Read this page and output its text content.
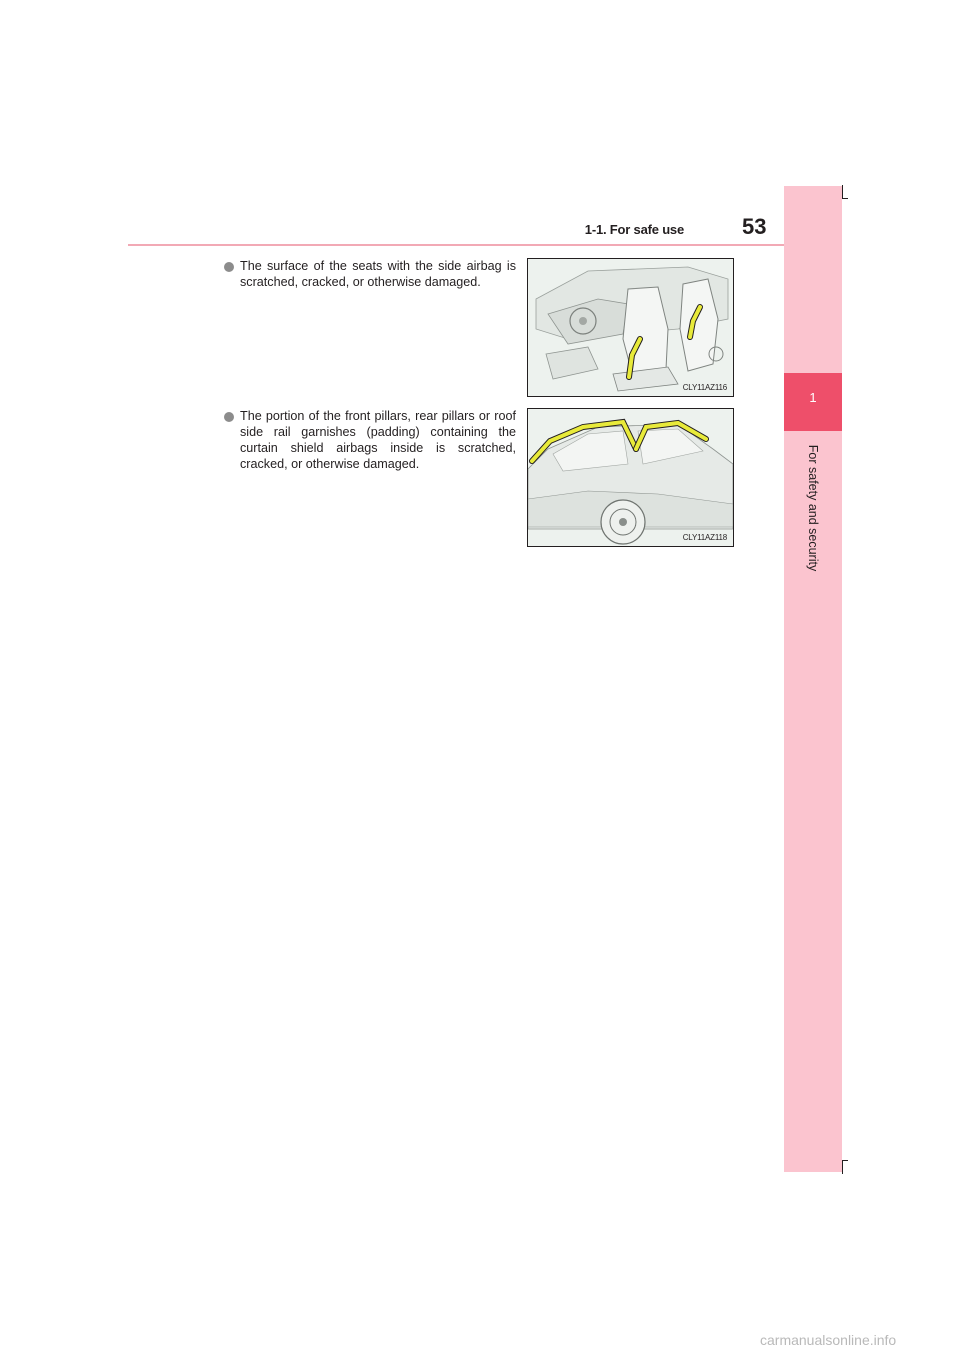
1
For safety and security
1-1. For safe use	53

The surface of the seats with the side airbag is scratched, cracked, or otherwise damaged.

CLY11AZ116

The portion of the front pillars, rear pillars or roof side rail garnishes (padding) containing the curtain shield airbags inside is scratched, cracked, or otherwise damaged.

CLY11AZ118
carmanualsonline.info
